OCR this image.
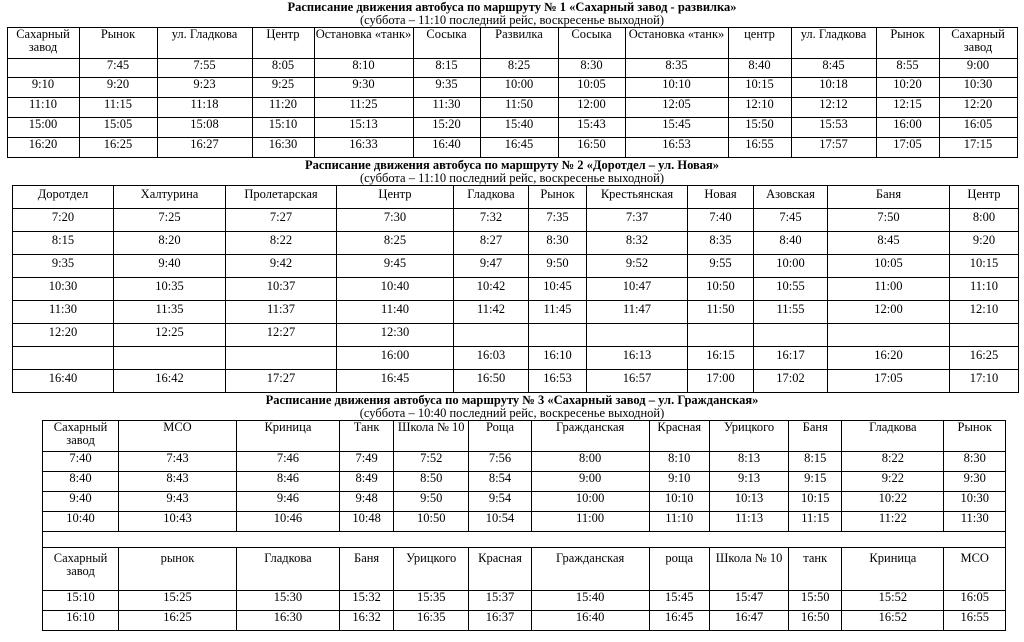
Расписание движения автобуса по маршруту № 1 «Сахарный завод - развилка»
(суббота – 11:10 последний рейс, воскресенье выходной)
Сахарный завод	Рынок	ул. Гладкова	Центр	Остановка «танк»	Сосыка	Развилка	Сосыка	Остановка «танк»	центр	ул. Гладкова	Рынок	Сахарный завод
	7:45	7:55	8:05	8:10	8:15	8:25	8:30	8:35	8:40	8:45	8:55	9:00
9:10	9:20	9:23	9:25	9:30	9:35	10:00	10:05	10:10	10:15	10:18	10:20	10:30
11:10	11:15	11:18	11:20	11:25	11:30	11:50	12:00	12:05	12:10	12:12	12:15	12:20
15:00	15:05	15:08	15:10	15:13	15:20	15:40	15:43	15:45	15:50	15:53	16:00	16:05
16:20	16:25	16:27	16:30	16:33	16:40	16:45	16:50	16:53	16:55	17:57	17:05	17:15
Расписание движения автобуса по маршруту № 2 «Доротдел – ул. Новая»
(суббота – 11:10 последний рейс, воскресенье выходной)
Доротдел	Халтурина	Пролетарская	Центр	Гладкова	Рынок	Крестьянская	Новая	Азовская	Баня	Центр
7:20	7:25	7:27	7:30	7:32	7:35	7:37	7:40	7:45	7:50	8:00
8:15	8:20	8:22	8:25	8:27	8:30	8:32	8:35	8:40	8:45	9:20
9:35	9:40	9:42	9:45	9:47	9:50	9:52	9:55	10:00	10:05	10:15
10:30	10:35	10:37	10:40	10:42	10:45	10:47	10:50	10:55	11:00	11:10
11:30	11:35	11:37	11:40	11:42	11:45	11:47	11:50	11:55	12:00	12:10
12:20	12:25	12:27	12:30							
			16:00	16:03	16:10	16:13	16:15	16:17	16:20	16:25
16:40	16:42	17:27	16:45	16:50	16:53	16:57	17:00	17:02	17:05	17:10
Расписание движения автобуса по маршруту № 3 «Сахарный завод – ул. Гражданская»
(суббота – 10:40 последний рейс, воскресенье выходной)
Сахарный завод	МСО	Криница	Танк	Школа № 10	Роща	Гражданская	Красная	Урицкого	Баня	Гладкова	Рынок
7:40	7:43	7:46	7:49	7:52	7:56	8:00	8:10	8:13	8:15	8:22	8:30
8:40	8:43	8:46	8:49	8:50	8:54	9:00	9:10	9:13	9:15	9:22	9:30
9:40	9:43	9:46	9:48	9:50	9:54	10:00	10:10	10:13	10:15	10:22	10:30
10:40	10:43	10:46	10:48	10:50	10:54	11:00	11:10	11:13	11:15	11:22	11:30

Сахарный завод	рынок	Гладкова	Баня	Урицкого	Красная	Гражданская	роща	Школа № 10	танк	Криница	МСО
15:10	15:25	15:30	15:32	15:35	15:37	15:40	15:45	15:47	15:50	15:52	16:05
16:10	16:25	16:30	16:32	16:35	16:37	16:40	16:45	16:47	16:50	16:52	16:55
